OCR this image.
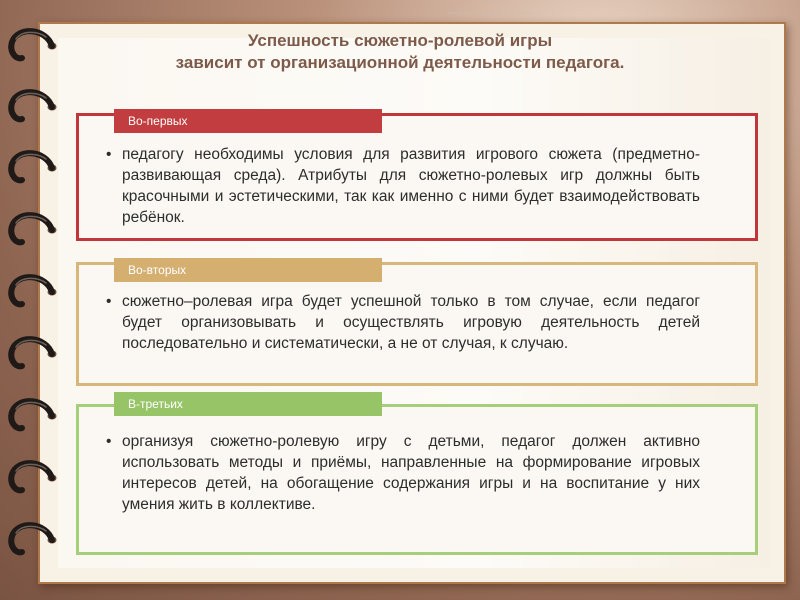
www.xxx.xxxx · xxxx xxxx xxxxx · xxxx.xxxx
Успешность сюжетно-ролевой игры
зависит от организационной деятельности педагога.
Во-первых
• педагогу необходимы условия для развития игрового сюжета (предметно-развивающая среда). Атрибуты для сюжетно-ролевых игр должны быть красочными и эстетическими, так как именно с ними будет взаимодействовать ребёнок.
Во-вторых
• сюжетно–ролевая игра будет успешной только в том случае, если педагог будет организовывать и осуществлять игровую деятельность детей последовательно и систематически, а не от случая, к случаю.
В-третьих
• организуя сюжетно-ролевую игру с детьми, педагог должен активно использовать методы и приёмы, направленные на формирование игровых интересов детей, на обогащение содержания игры и на воспитание у них умения жить в коллективе.
